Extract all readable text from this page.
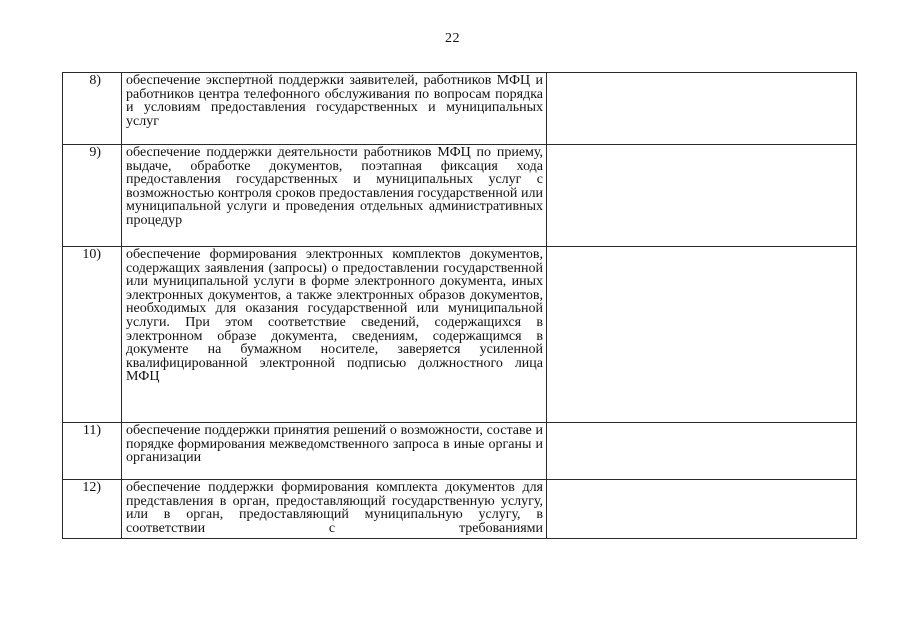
22
8)	обеспечение экспертной поддержки заявителей, работников МФЦ и работников центра телефонного обслуживания по вопросам порядка и условиям предоставления государственных и муниципальных услуг	
9)	обеспечение поддержки деятельности работников МФЦ по приему, выдаче, обработке документов, поэтапная фиксация хода предоставления государственных и муниципальных услуг с возможностью контроля сроков предоставления государственной или муниципальной услуги и проведения отдельных административных процедур	
10)	обеспечение формирования электронных комплектов документов, содержащих заявления (запросы) о предоставлении государственной или муниципальной услуги в форме электронного документа, иных электронных документов, а также электронных образов документов, необходимых для оказания государственной или муниципальной услуги. При этом соответствие сведений, содержащихся в электронном образе документа, сведениям, содержащимся в документе на бумажном носителе, заверяется усиленной квалифицированной электронной подписью должностного лица МФЦ	
11)	обеспечение поддержки принятия решений о возможности, составе и порядке формирования межведомственного запроса в иные органы и организации	
12)	обеспечение поддержки формирования комплекта документов для представления в орган, предоставляющий государственную услугу, или в орган, предоставляющий муниципальную услугу, в соответствии с требованиями	
